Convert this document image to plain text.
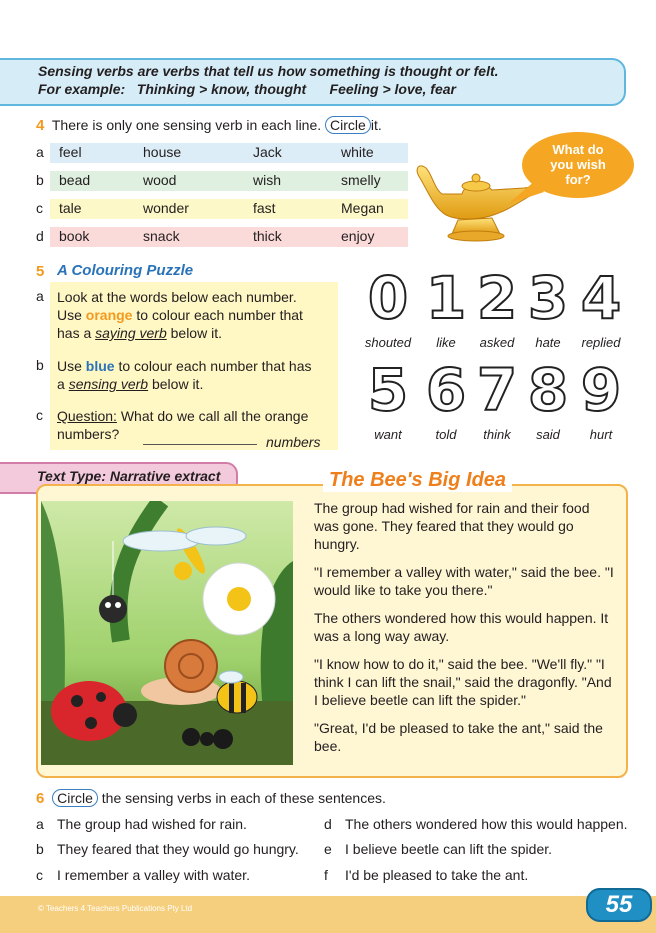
Sensing verbs are verbs that tell us how something is thought or felt.
For example:   Thinking > know, thought      Feeling > love, fear
4 There is only one sensing verb in each line. Circle it.
a feel	house	Jack	white
b bead	wood	wish	smelly
c tale	wonder	fast	Megan
d book	snack	thick	enjoy
What do
you wish
for?
5 A Colouring Puzzle
a Look at the words below each number.
Use orange to colour each number that
has a saying verb below it.
b Use blue to colour each number that has
a sensing verb below it.
c Question: What do we call all the orange
numbers?	numbers
0
shouted
1
like
2
asked
3
hate
4
replied
5
want
6
told
7
think
8
said
9
hurt
Text Type: Narrative extract	The Bee's Big Idea

The group had wished for rain and their food was gone. They feared that they would go hungry.

"I remember a valley with water," said the bee. "I would like to take you there."

The others wondered how this would happen. It was a long way away.

"I know how to do it," said the bee. "We'll fly." "I think I can lift the snail," said the dragonfly. "And I believe beetle can lift the spider."

"Great, I'd be pleased to take the ant," said the bee.

6 Circle the sensing verbs in each of these sentences.
a The group had wished for rain.
b They feared that they would go hungry.
c I remember a valley with water.
d The others wondered how this would happen.
e I believe beetle can lift the spider.
f I'd be pleased to take the ant.
© Teachers 4 Teachers Publications Pty Ltd	55
